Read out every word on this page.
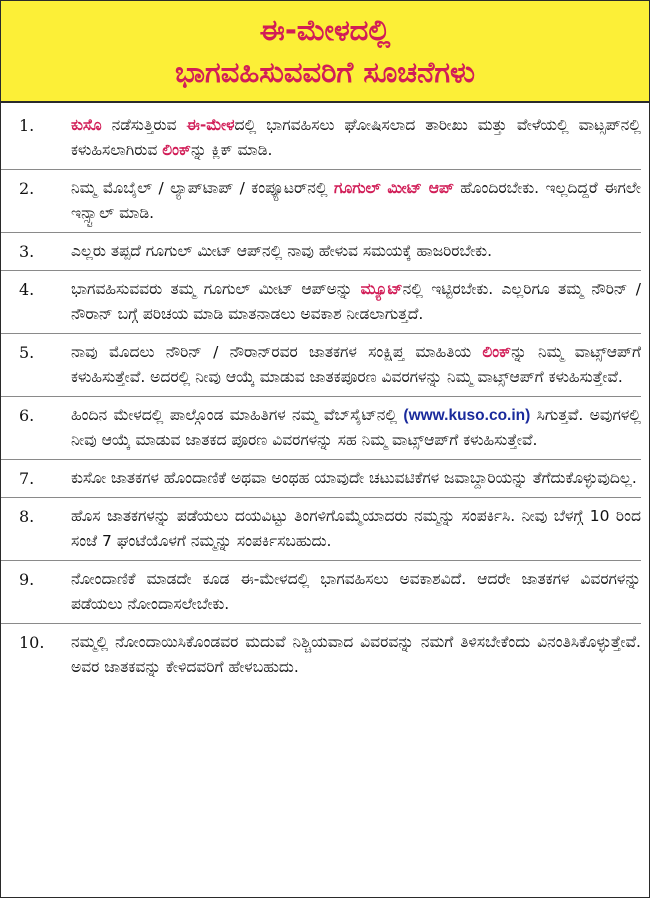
ಈ-ಮೇಳದಲ್ಲಿ
ಭಾಗವಹಿಸುವವರಿಗೆ ಸೂಚನೆಗಳು
1.	ಕುಸೊ ನಡೆಸುತ್ತಿರುವ ಈ-ಮೇಳದಲ್ಲಿ ಭಾಗವಹಿಸಲು ಘೋಷಿಸಲಾದ ತಾರೀಖು ಮತ್ತು ವೇಳೆಯಲ್ಲಿ ವಾಟ್ಸಪ್‌ನಲ್ಲಿ ಕಳುಹಿಸಲಾಗಿರುವ ಲಿಂಕ್ನ್ನು ಕ್ಲಿಕ್ ಮಾಡಿ.
2.	ನಿಮ್ಮ ಮೊಬೈಲ್ / ಲ್ಯಾಪ್‌ಟಾಪ್ / ಕಂಪ್ಯೂಟರ್‌ನಲ್ಲಿ ಗೂಗುಲ್ ಮೀಟ್ ಆಪ್ ಹೊಂದಿರಬೇಕು. ಇಲ್ಲದಿದ್ದರೆ ಈಗಲೇ ಇನ್ಸ್ಟಾಲ್ ಮಾಡಿ.
3.	ಎಲ್ಲರು ತಪ್ಪದೆ ಗೂಗುಲ್ ಮೀಟ್ ಆಪ್‌ನಲ್ಲಿ ನಾವು ಹೇಳುವ ಸಮಯಕ್ಕೆ ಹಾಜರಿರಬೇಕು.
4.	ಭಾಗವಹಿಸುವವರು ತಮ್ಮ ಗೂಗುಲ್ ಮೀಟ್ ಆಪ್‌ಅನ್ನು ಮ್ಯೂಟ್ನಲ್ಲಿ ಇಟ್ಟಿರಬೇಕು. ಎಲ್ಲರಿಗೂ ತಮ್ಮ ನೌರಿನ್ / ನೌರಾನ್ ಬಗ್ಗೆ ಪರಿಚಯ ಮಾಡಿ ಮಾತನಾಡಲು ಅವಕಾಶ ನೀಡಲಾಗುತ್ತದೆ.
5.	ನಾವು ಮೊದಲು ನೌರಿನ್ / ನೌರಾನ್‌ರವರ ಜಾತಕಗಳ ಸಂಕ್ಷಿಪ್ತ ಮಾಹಿತಿಯ ಲಿಂಕ್ನ್ನು ನಿಮ್ಮ ವಾಟ್ಸ್‌ಆಪ್‌ಗೆ ಕಳುಹಿಸುತ್ತೇವೆ. ಅದರಲ್ಲಿ ನೀವು ಆಯ್ಕೆ ಮಾಡುವ ಜಾತಕಪೂರಣ ವಿವರಗಳನ್ನು ನಿಮ್ಮ ವಾಟ್ಸ್‌ಆಪ್‌ಗೆ ಕಳುಹಿಸುತ್ತೇವೆ.
6.	ಹಿಂದಿನ ಮೇಳದಲ್ಲಿ ಪಾಲ್ಗೊಂಡ ಮಾಹಿತಿಗಳ ನಮ್ಮ ವೆಬ್‌ಸೈಟ್‌ನಲ್ಲಿ (www.kuso.co.in) ಸಿಗುತ್ತವೆ. ಅವುಗಳಲ್ಲಿ ನೀವು ಆಯ್ಕೆ ಮಾಡುವ ಜಾತಕದ ಪೂರಣ ವಿವರಗಳನ್ನು ಸಹ ನಿಮ್ಮ ವಾಟ್ಸ್‌ಆಪ್‌ಗೆ ಕಳುಹಿಸುತ್ತೇವೆ.
7.	ಕುಸೋ ಜಾತಕಗಳ ಹೊಂದಾಣಿಕೆ ಅಥವಾ ಅಂಥಹ ಯಾವುದೇ ಚಟುವಟಿಕೆಗಳ ಜವಾಬ್ದಾರಿಯನ್ನು ತೆಗೆದುಕೊಳ್ಳುವುದಿಲ್ಲ.
8.	ಹೊಸ ಜಾತಕಗಳನ್ನು ಪಡೆಯಲು ದಯವಿಟ್ಟು ತಿಂಗಳಿಗೊಮ್ಮೆಯಾದರು ನಮ್ಮನ್ನು ಸಂಪರ್ಕಿಸಿ. ನೀವು ಬೆಳಗ್ಗೆ 10 ರಿಂದ ಸಂಜೆ 7 ಘಂಟೆಯೊಳಗೆ ನಮ್ಮನ್ನು ಸಂಪರ್ಕಿಸಬಹುದು.
9.	ನೋಂದಾಣಿಕೆ ಮಾಡದೇ ಕೂಡ ಈ-ಮೇಳದಲ್ಲಿ ಭಾಗವಹಿಸಲು ಅವಕಾಶವಿದೆ. ಆದರೇ ಜಾತಕಗಳ ವಿವರಗಳನ್ನು ಪಡೆಯಲು ನೋಂದಾಸಲೇಬೇಕು.
10.	ನಮ್ಮಲ್ಲಿ ನೋಂದಾಯಿಸಿಕೊಂಡವರ ಮದುವೆ ನಿಶ್ಚಿಯವಾದ ವಿವರವನ್ನು ನಮಗೆ ತಿಳಿಸಬೇಕೆಂದು ವಿನಂತಿಸಿಕೊಳ್ಳುತ್ತೇವೆ. ಅವರ ಜಾತಕವನ್ನು ಕೇಳಿದವರಿಗೆ ಹೇಳಬಹುದು.
